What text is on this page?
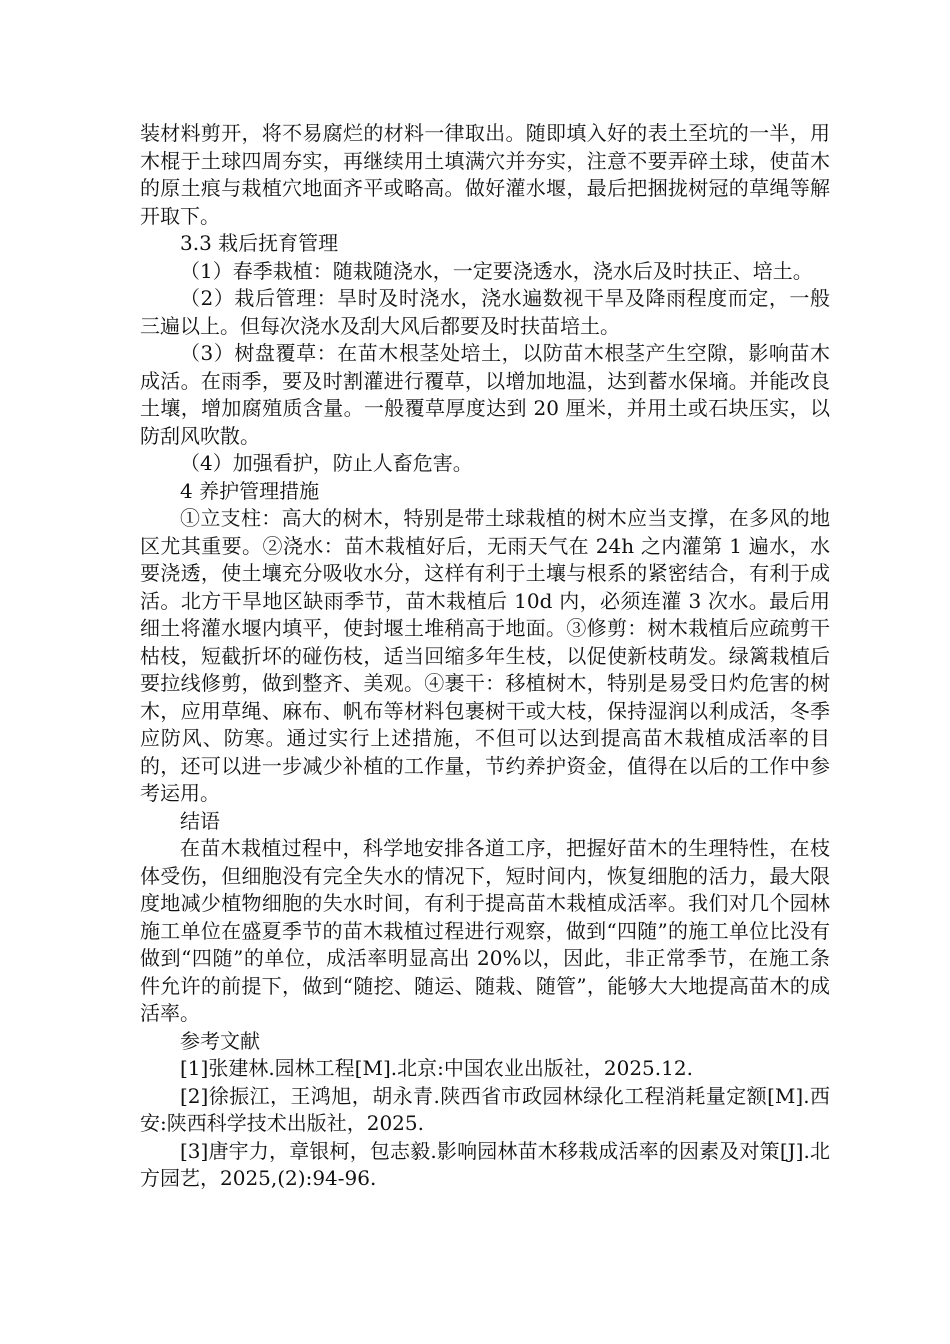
装材料剪开，将不易腐烂的材料一律取出。随即填入好的表土至坑的一半，用木棍于土球四周夯实，再继续用土填满穴并夯实，注意不要弄碎土球，使苗木的原土痕与栽植穴地面齐平或略高。做好灌水堰，最后把捆拢树冠的草绳等解开取下。

3.3 栽后抚育管理

（1）春季栽植：随栽随浇水，一定要浇透水，浇水后及时扶正、培土。

（2）栽后管理：旱时及时浇水，浇水遍数视干旱及降雨程度而定，一般三遍以上。但每次浇水及刮大风后都要及时扶苗培土。

（3）树盘覆草：在苗木根茎处培土，以防苗木根茎产生空隙，影响苗木成活。在雨季，要及时割灌进行覆草，以增加地温，达到蓄水保墒。并能改良土壤，增加腐殖质含量。一般覆草厚度达到 20 厘米，并用土或石块压实，以防刮风吹散。

（4）加强看护，防止人畜危害。

4 养护管理措施

①立支柱：高大的树木，特别是带土球栽植的树木应当支撑，在多风的地区尤其重要。②浇水：苗木栽植好后，无雨天气在 24h 之内灌第 1 遍水，水要浇透，使土壤充分吸收水分，这样有利于土壤与根系的紧密结合，有利于成活。北方干旱地区缺雨季节，苗木栽植后 10d 内，必须连灌 3 次水。最后用细土将灌水堰内填平，使封堰土堆稍高于地面。③修剪：树木栽植后应疏剪干枯枝，短截折坏的碰伤枝，适当回缩多年生枝，以促使新枝萌发。绿篱栽植后要拉线修剪，做到整齐、美观。④裹干：移植树木，特别是易受日灼危害的树木，应用草绳、麻布、帆布等材料包裹树干或大枝，保持湿润以利成活，冬季应防风、防寒。通过实行上述措施，不但可以达到提高苗木栽植成活率的目的，还可以进一步减少补植的工作量，节约养护资金，值得在以后的工作中参考运用。

结语

在苗木栽植过程中，科学地安排各道工序，把握好苗木的生理特性，在枝体受伤，但细胞没有完全失水的情况下，短时间内，恢复细胞的活力，最大限度地减少植物细胞的失水时间，有利于提高苗木栽植成活率。我们对几个园林施工单位在盛夏季节的苗木栽植过程进行观察，做到“四随”的施工单位比没有做到“四随”的单位，成活率明显高出 20%以，因此，非正常季节，在施工条件允许的前提下，做到“随挖、随运、随栽、随管”，能够大大地提高苗木的成活率。

参考文献

[1]张建林.园林工程[M].北京:中国农业出版社，2025.12.

[2]徐振江，王鸿旭，胡永青.陕西省市政园林绿化工程消耗量定额[M].西安:陕西科学技术出版社，2025.

[3]唐宇力，章银柯，包志毅.影响园林苗木移栽成活率的因素及对策[J].北方园艺，2025,(2):94-96.
